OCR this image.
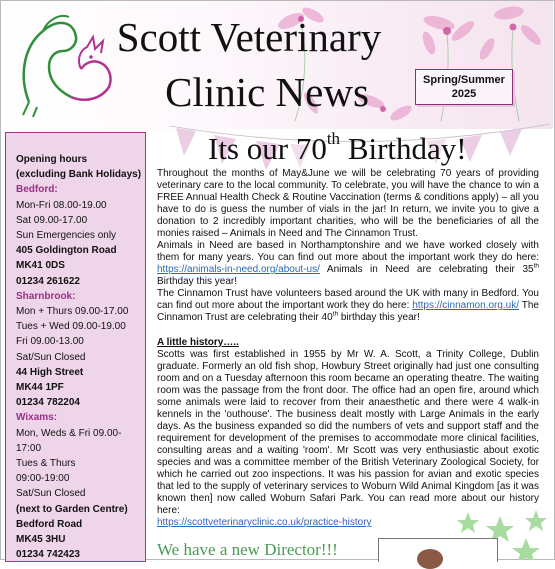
Scott Veterinary
Clinic News	Spring/Summer
2025
Opening hours
(excluding Bank Holidays)
Bedford:
Mon-Fri 08.00-19.00
Sat 09.00-17.00
Sun Emergencies only
405 Goldington Road
MK41 0DS
01234 261622
Sharnbrook:
Mon + Thurs 09.00-17.00
Tues + Wed 09.00-19.00
Fri 09.00-13.00
Sat/Sun Closed
44 High Street
MK44 1PF
01234 782204
Wixams:
Mon, Weds & Fri 09.00-
17:00
Tues & Thurs
09:00-19:00
Sat/Sun Closed
(next to Garden Centre)
Bedford Road
MK45 3HU
01234 742423
Its our 70th Birthday!

Throughout the months of May&June we will be celebrating 70 years of providing veterinary care to the local community. To celebrate, you will have the chance to win a FREE Annual Health Check & Routine Vaccination (terms & conditions apply) – all you have to do is guess the number of vials in the jar! In return, we invite you to give a donation to 2 incredibly important charities, who will be the beneficiaries of all the monies raised – Animals in Need and The Cinnamon Trust.

Animals in Need are based in Northamptonshire and we have worked closely with them for many years. You can find out more about the important work they do here: https://animals-in-need.org/about-us/ Animals in Need are celebrating their 35th Birthday this year!

The Cinnamon Trust have volunteers based around the UK with many in Bedford. You can find out more about the important work they do here: https://cinnamon.org.uk/ The Cinnamon Trust are celebrating their 40th birthday this year!

A little history…..

Scotts was first established in 1955 by Mr W. A. Scott, a Trinity College, Dublin graduate. Formerly an old fish shop, Howbury Street originally had just one consulting room and on a Tuesday afternoon this room became an operating theatre. The waiting room was the passage from the front door. The office had an open fire, around which some animals were laid to recover from their anaesthetic and there were 4 walk-in kennels in the 'outhouse'. The business dealt mostly with Large Animals in the early days. As the business expanded so did the numbers of vets and support staff and the requirement for development of the premises to accommodate more clinical facilities, consulting areas and a waiting 'room'. Mr Scott was very enthusiastic about exotic species and was a committee member of the British Veterinary Zoological Society, for which he carried out zoo inspections. It was his passion for avian and exotic species that led to the supply of veterinary services to Woburn Wild Animal Kingdom [as it was known then] now called Woburn Safari Park. You can read more about our history here:
https://scottveterinaryclinic.co.uk/practice-history

We have a new Director!!!
